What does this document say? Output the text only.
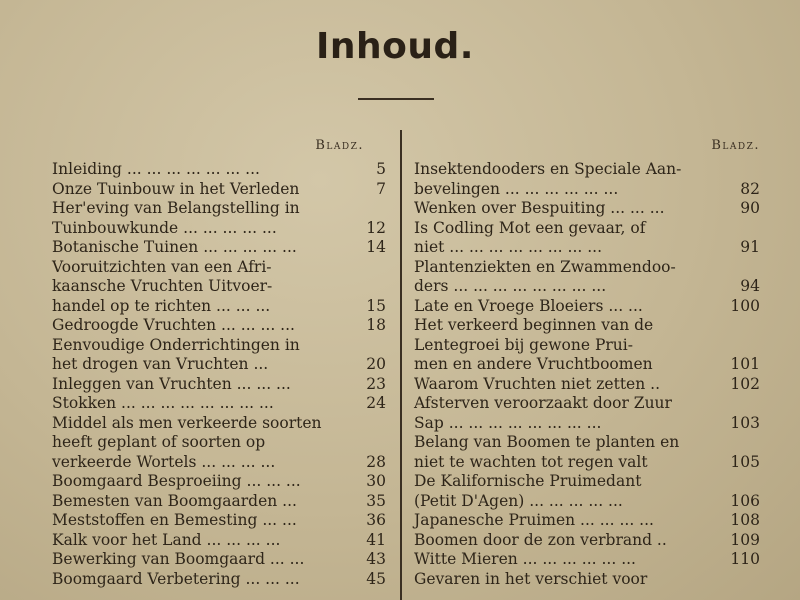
Inhoud.
Bladz.
Inleiding ... ... ... ... ... ... ...	5
Onze Tuinbouw in het Verleden	7
Her'eving van Belangstelling in
Tuinbouwkunde ... ... ... ... ...	12
Botanische Tuinen ... ... ... ... ...	14
Vooruitzichten van een Afri-
kaansche Vruchten Uitvoer-
handel op te richten ... ... ...	15
Gedroogde Vruchten ... ... ... ...	18
Eenvoudige Onderrichtingen in
het drogen van Vruchten ...	20
Inleggen van Vruchten ... ... ...	23
Stokken ... ... ... ... ... ... ... ...	24
Middel als men verkeerde soorten
heeft geplant of soorten op
verkeerde Wortels ... ... ... ...	28
Boomgaard Besproeiing ... ... ...	30
Bemesten van Boomgaarden ...	35
Meststoffen en Bemesting ... ...	36
Kalk voor het Land ... ... ... ...	41
Bewerking van Boomgaard ... ...	43
Boomgaard Verbetering ... ... ...	45
Bladz.
Insektendooders en Speciale Aan-
bevelingen ... ... ... ... ... ...	82
Wenken over Bespuiting ... ... ...	90
Is Codling Mot een gevaar, of
niet ... ... ... ... ... ... ... ...	91
Plantenziekten en Zwammendoo-
ders ... ... ... ... ... ... ... ...	94
Late en Vroege Bloeiers ... ...	100
Het verkeerd beginnen van de
Lentegroei bij gewone Prui-
men en andere Vruchtboomen	101
Waarom Vruchten niet zetten ..	102
Afsterven veroorzaakt door Zuur
Sap ... ... ... ... ... ... ... ...	103
Belang van Boomen te planten en
niet te wachten tot regen valt	105
De Kalifornische Pruimedant
(Petit D'Agen) ... ... ... ... ...	106
Japanesche Pruimen ... ... ... ...	108
Boomen door de zon verbrand ..	109
Witte Mieren ... ... ... ... ... ...	110
Gevaren in het verschiet voor
